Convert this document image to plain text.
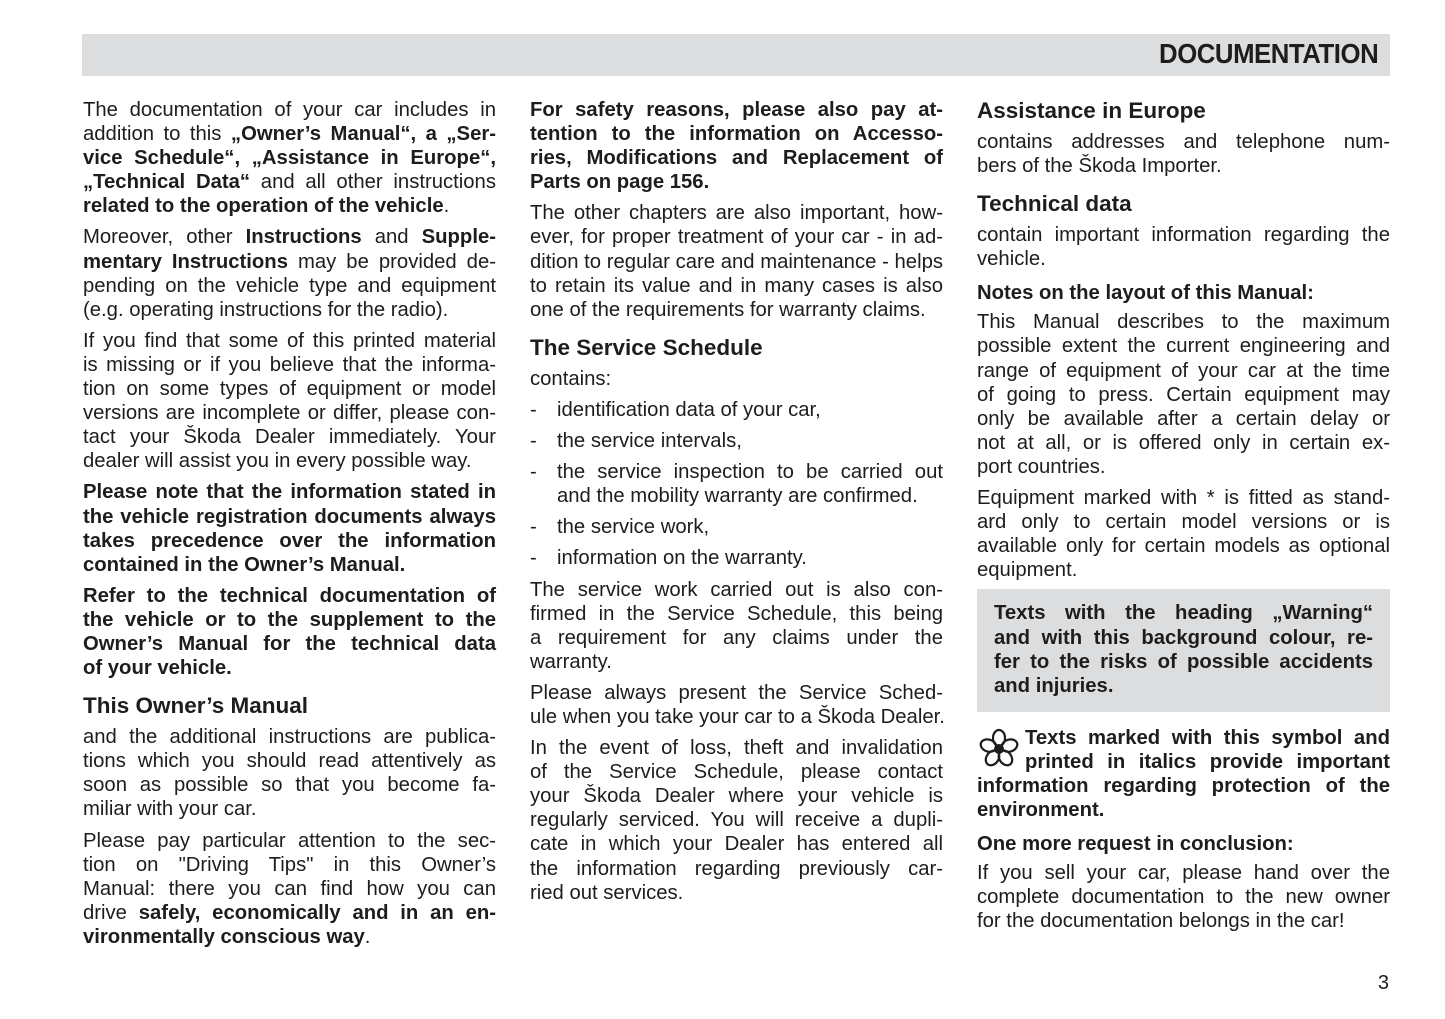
DOCUMENTATION
The documentation of your car includes in
addition to this „Owner’s Manual“, a „Ser-
vice Schedule“, „Assistance in Europe“,
„Technical Data“ and all other instructions
related to the operation of the vehicle.
Moreover, other Instructions and Supple-
mentary Instructions may be provided de-
pending on the vehicle type and equipment
(e.g. operating instructions for the radio).
If you find that some of this printed material
is missing or if you believe that the informa-
tion on some types of equipment or model
versions are incomplete or differ, please con-
tact your Škoda Dealer immediately. Your
dealer will assist you in every possible way.
Please note that the information stated in
the vehicle registration documents always
takes precedence over the information
contained in the Owner’s Manual.
Refer to the technical documentation of
the vehicle or to the supplement to the
Owner’s Manual for the technical data
of your vehicle.
This Owner’s Manual
and the additional instructions are publica-
tions which you should read attentively as
soon as possible so that you become fa-
miliar with your car.
Please pay particular attention to the sec-
tion on "Driving Tips" in this Owner’s
Manual: there you can find how you can
drive safely, economically and in an en-
vironmentally conscious way.
For safety reasons, please also pay at-
tention to the information on Accesso-
ries, Modifications and Replacement of
Parts on page 156.
The other chapters are also important, how-
ever, for proper treatment of your car - in ad-
dition to regular care and maintenance - helps
to retain its value and in many cases is also
one of the requirements for warranty claims.
The Service Schedule
contains:
- identification data of your car,
- the service intervals,
- the service inspection to be carried out
and the mobility warranty are confirmed.
- the service work,
- information on the warranty.
The service work carried out is also con-
firmed in the Service Schedule, this being
a requirement for any claims under the
warranty.
Please always present the Service Sched-
ule when you take your car to a Škoda Dealer.
In the event of loss, theft and invalidation
of the Service Schedule, please contact
your Škoda Dealer where your vehicle is
regularly serviced. You will receive a dupli-
cate in which your Dealer has entered all
the information regarding previously car-
ried out services.
Assistance in Europe
contains addresses and telephone num-
bers of the Škoda Importer.
Technical data
contain important information regarding the
vehicle.
Notes on the layout of this Manual:
This Manual describes to the maximum
possible extent the current engineering and
range of equipment of your car at the time
of going to press. Certain equipment may
only be available after a certain delay or
not at all, or is offered only in certain ex-
port countries.
Equipment marked with * is fitted as stand-
ard only to certain model versions or is
available only for certain models as optional
equipment.
Texts with the heading „Warning“
and with this background colour, re-
fer to the risks of possible accidents
and injuries.
Texts marked with this symbol and
printed in italics provide important
information regarding protection of the
environment.
One more request in conclusion:
If you sell your car, please hand over the
complete documentation to the new owner
for the documentation belongs in the car!
3
